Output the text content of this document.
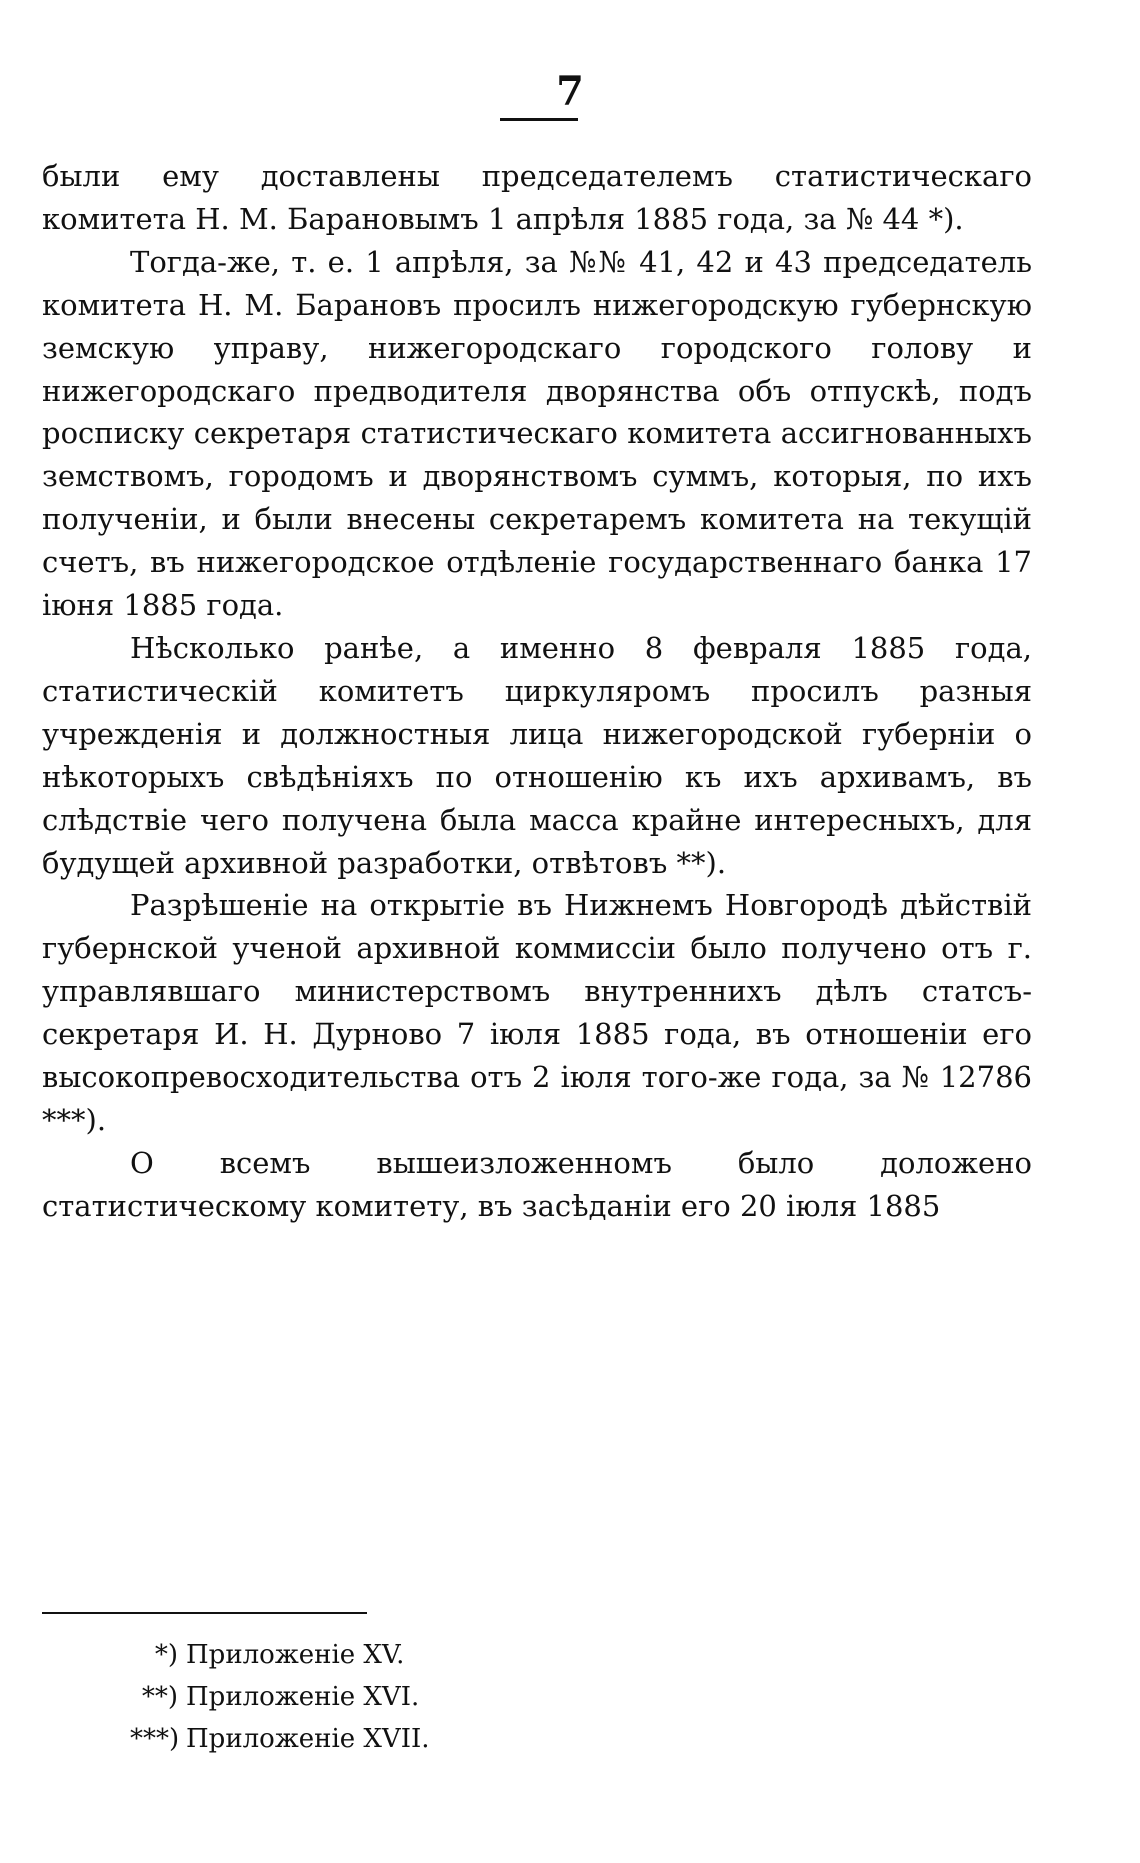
7

были ему доставлены председателемъ статистическаго комитета Н. М. Барановымъ 1 апрѣля 1885 года, за № 44 *).

Тогда-же, т. е. 1 апрѣля, за №№ 41, 42 и 43 председатель комитета Н. М. Барановъ просилъ нижегородскую губернскую земскую управу, нижегородскаго городского голову и нижегородскаго предводителя дворянства объ отпускѣ, подъ росписку секретаря статистическаго комитета ассигнованныхъ земствомъ, городомъ и дворянствомъ суммъ, которыя, по ихъ полученіи, и были внесены секретаремъ комитета на текущій счетъ, въ нижегородское отдѣленіе государственнаго банка 17 іюня 1885 года.

Нѣсколько ранѣе, а именно 8 февраля 1885 года, статистическій комитетъ циркуляромъ просилъ разныя учрежденія и должностныя лица нижегородской губерніи о нѣкоторыхъ свѣдѣніяхъ по отношенію къ ихъ архивамъ, въ слѣдствіе чего получена была масса крайне интересныхъ, для будущей архивной разработки, отвѣтовъ **).

Разрѣшеніе на открытіе въ Нижнемъ Новгородѣ дѣйствій губернской ученой архивной коммиссіи было получено отъ г. управлявшаго министерствомъ внутреннихъ дѣлъ статсъ-секретаря И. Н. Дурново 7 іюля 1885 года, въ отношеніи его высокопревосходительства отъ 2 іюля того-же года, за № 12786 ***).

О всемъ вышеизложенномъ было доложено статистическому комитету, въ засѣданіи его 20 іюля 1885

*) Приложеніе XV.

**) Приложеніе XVI.

***) Приложеніе XVII.
